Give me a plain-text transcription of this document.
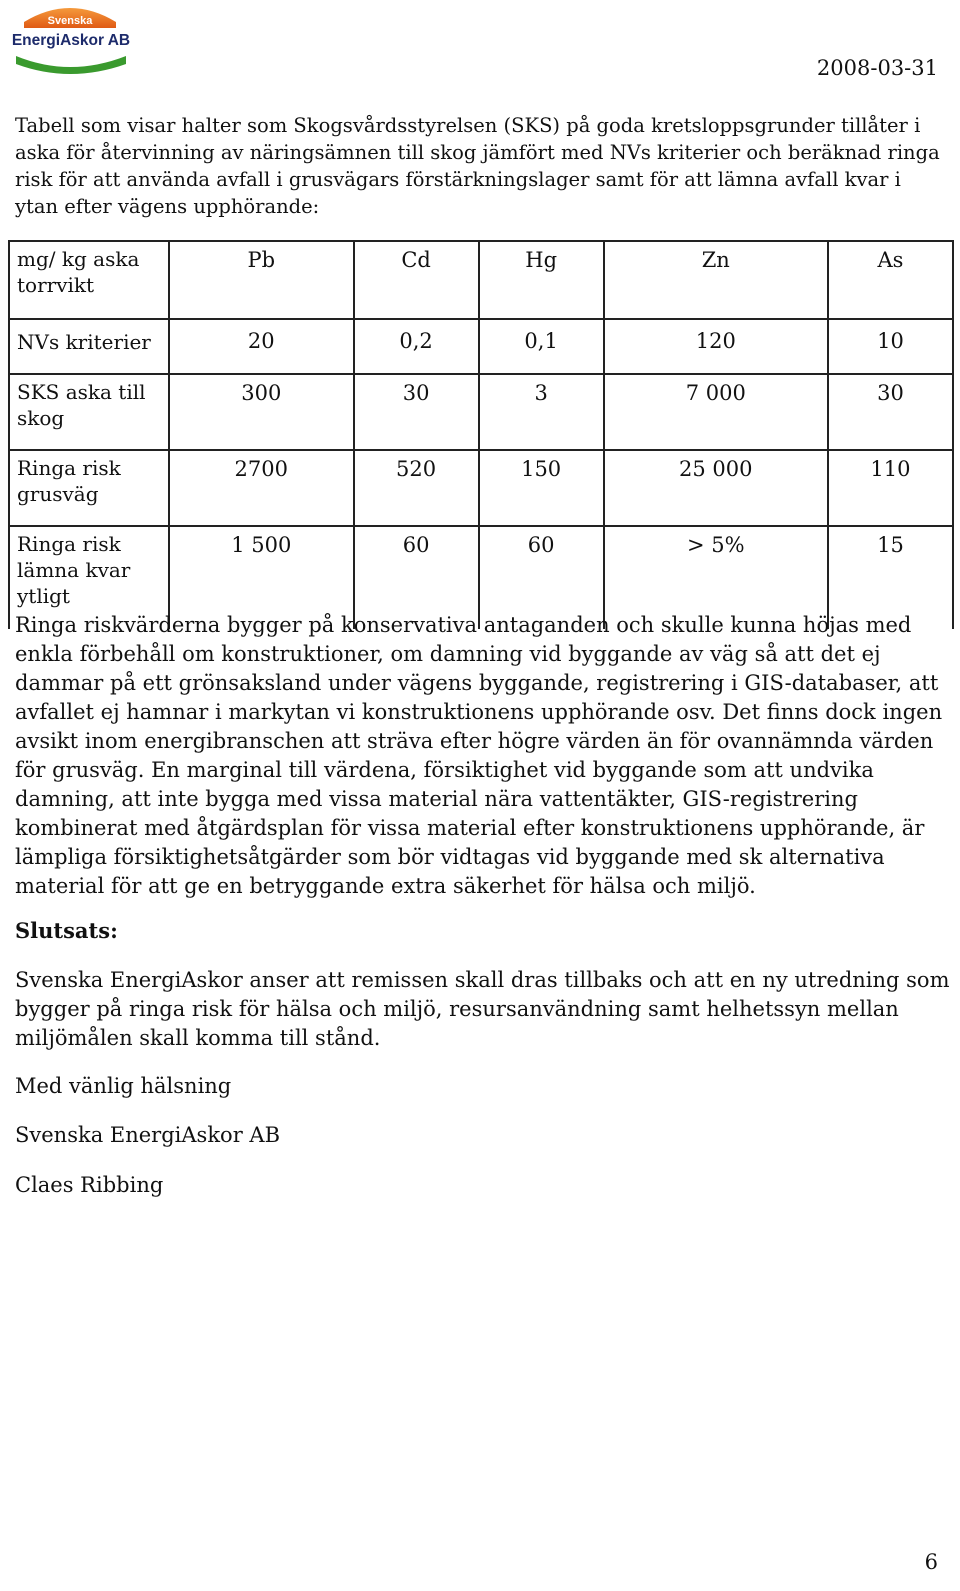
Svenska
EnergiAskor AB
2008-03-31
Tabell som visar halter som Skogsvårdsstyrelsen (SKS) på goda kretsloppsgrunder tillåter i aska för återvinning av näringsämnen till skog jämfört med NVs kriterier och beräknad ringa risk för att använda avfall i grusvägars förstärkningslager samt för att lämna avfall kvar i ytan efter vägens upphörande:
mg/ kg aska torrvikt	Pb	Cd	Hg	Zn	As
NVs kriterier	20	0,2	0,1	120	10
SKS aska till skog	300	30	3	7 000	30
Ringa risk grusväg	2700	520	150	25 000	110
Ringa risk lämna kvar ytligt	1 500	60	60	> 5%	15
Ringa riskvärderna bygger på konservativa antaganden och skulle kunna höjas med enkla förbehåll om konstruktioner, om damning vid byggande av väg så att det ej dammar på ett grönsaksland under vägens byggande, registrering i GIS-databaser, att avfallet ej hamnar i markytan vi konstruktionens upphörande osv. Det finns dock ingen avsikt inom energibranschen att sträva efter högre värden än för ovannämnda värden för grusväg. En marginal till värdena, försiktighet vid byggande som att undvika damning, att inte bygga med vissa material nära vattentäkter, GIS-registrering kombinerat med åtgärdsplan för vissa material efter konstruktionens upphörande, är lämpliga försiktighetsåtgärder som bör vidtagas vid byggande med sk alternativa material för att ge en betryggande extra säkerhet för hälsa och miljö.
Slutsats:
Svenska EnergiAskor anser att remissen skall dras tillbaks och att en ny utredning som bygger på ringa risk för hälsa och miljö, resursanvändning samt helhetssyn mellan miljömålen skall komma till stånd.
Med vänlig hälsning
Svenska EnergiAskor AB
Claes Ribbing
6
